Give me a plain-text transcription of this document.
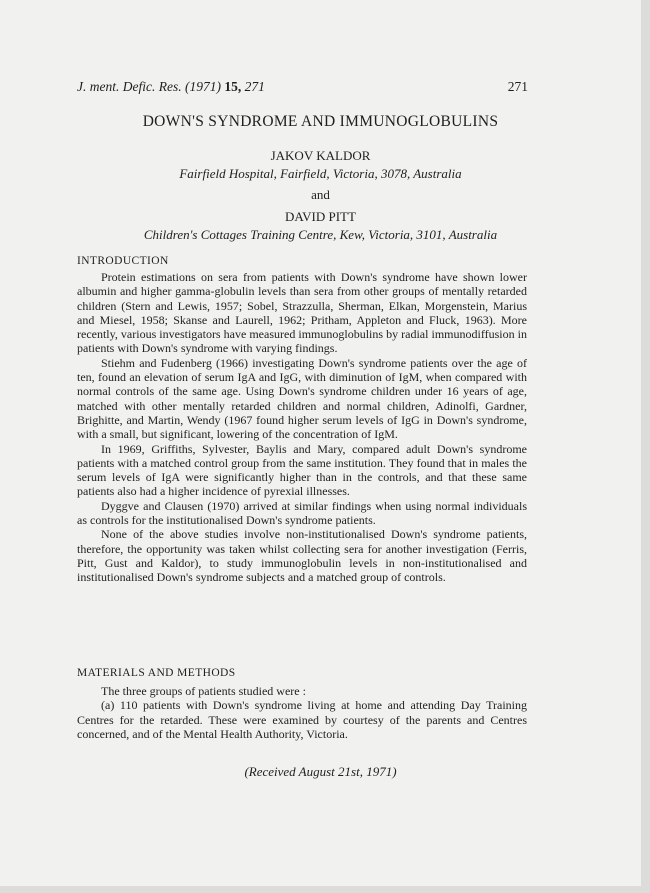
J. ment. Defic. Res. (1971) 15, 271	271
DOWN'S SYNDROME AND IMMUNOGLOBULINS
JAKOV KALDOR
Fairfield Hospital, Fairfield, Victoria, 3078, Australia
and
DAVID PITT
Children's Cottages Training Centre, Kew, Victoria, 3101, Australia
INTRODUCTION

Protein estimations on sera from patients with Down's syndrome have shown lower albumin and higher gamma-globulin levels than sera from other groups of mentally retarded children (Stern and Lewis, 1957; Sobel, Strazzulla, Sherman, Elkan, Morgenstein, Marius and Miesel, 1958; Skanse and Laurell, 1962; Pritham, Appleton and Fluck, 1963). More recently, various investigators have measured immunoglobulins by radial immunodiffusion in patients with Down's syndrome with varying findings.

Stiehm and Fudenberg (1966) investigating Down's syndrome patients over the age of ten, found an elevation of serum IgA and IgG, with diminution of IgM, when compared with normal controls of the same age. Using Down's syndrome children under 16 years of age, matched with other mentally retarded children and normal children, Adinolfi, Gardner, Brighitte, and Martin, Wendy (1967 found higher serum levels of IgG in Down's syndrome, with a small, but significant, lowering of the concentration of IgM.

In 1969, Griffiths, Sylvester, Baylis and Mary, compared adult Down's syndrome patients with a matched control group from the same institution. They found that in males the serum levels of IgA were significantly higher than in the controls, and that these same patients also had a higher incidence of pyrexial illnesses.

Dyggve and Clausen (1970) arrived at similar findings when using normal individuals as controls for the institutionalised Down's syndrome patients.

None of the above studies involve non-institutionalised Down's syndrome patients, therefore, the opportunity was taken whilst collecting sera for another investigation (Ferris, Pitt, Gust and Kaldor), to study immunoglobulin levels in non-institutionalised and institutionalised Down's syndrome subjects and a matched group of controls.

MATERIALS AND METHODS

The three groups of patients studied were :

(a) 110 patients with Down's syndrome living at home and attending Day Training Centres for the retarded. These were examined by courtesy of the parents and Centres concerned, and of the Mental Health Authority, Victoria.

(Received August 21st, 1971)
